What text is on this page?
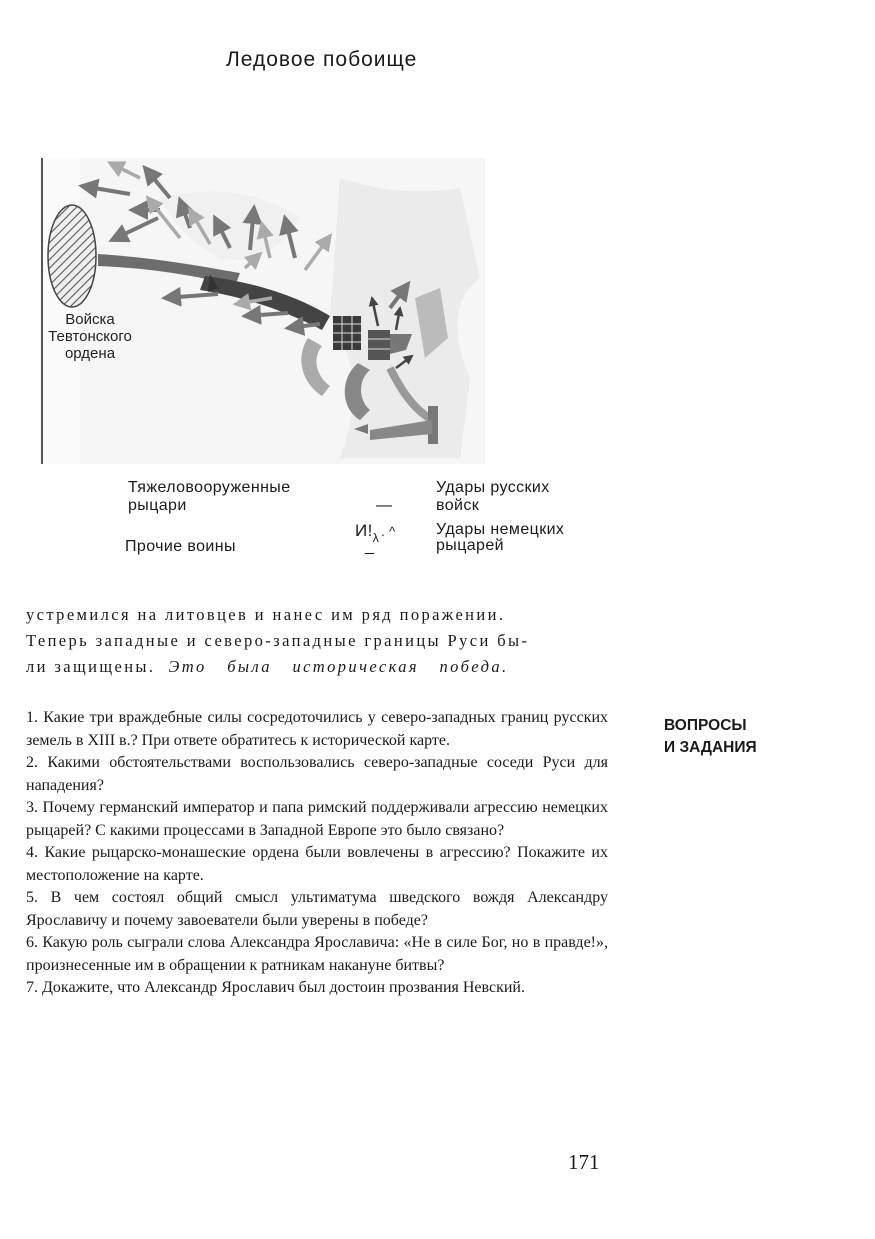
Ледовое побоище
Войска
Тевтонского
ордена
Тяжеловооруженные
рыцари	—
Прочие воины
$И!_\lambda$ . ^
_
Удары русских
войск
Удары немецких
рыцарей
устремился на литовцев и нанес им ряд поражении.
Теперь западные и северо-западные границы Руси бы-
ли защищены. Это была историческая победа.
ВОПРОСЫ
И ЗАДАНИЯ

1. Какие три враждебные силы сосредоточились у северо-западных границ русских земель в XIII в.? При ответе обратитесь к исторической карте.

2. Какими обстоятельствами воспользовались северо-западные соседи Руси для нападения?

3. Почему германский император и папа римский поддерживали агрессию немецких рыцарей? С какими процессами в Западной Европе это было связано?

4. Какие рыцарско-монашеские ордена были вовлечены в агрессию? Покажите их местоположение на карте.

5. В чем состоял общий смысл ультиматума шведского вождя Александру Ярославичу и почему завоеватели были уверены в победе?

6. Какую роль сыграли слова Александра Ярославича: «Не в силе Бог, но в правде!», произнесенные им в обращении к ратникам накануне битвы?

7. Докажите, что Александр Ярославич был достоин прозвания Невский.

171
